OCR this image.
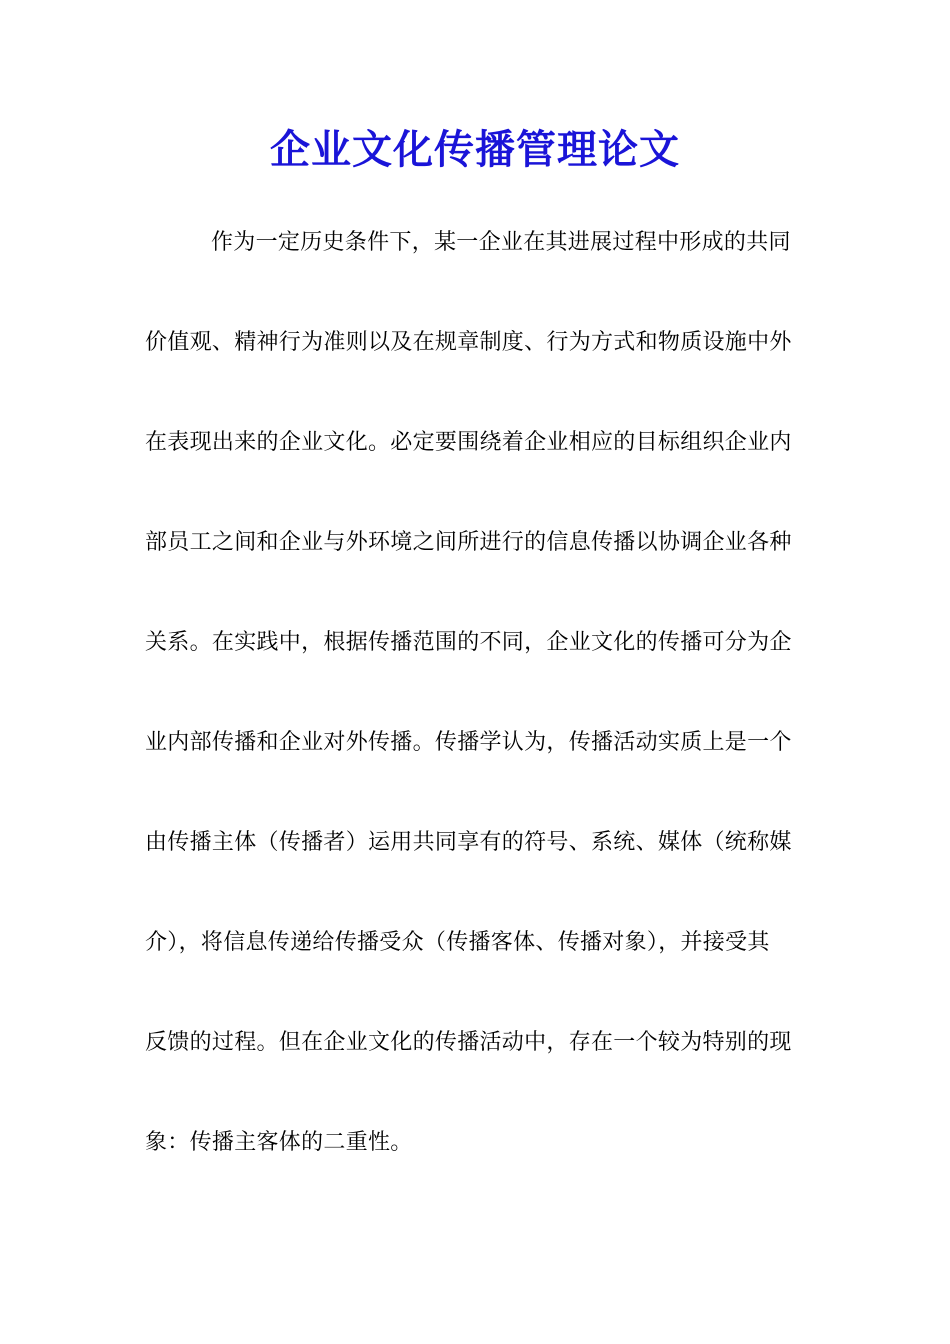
企业文化传播管理论文
作为一定历史条件下，某一企业在其进展过程中形成的共同
价值观、精神行为准则以及在规章制度、行为方式和物质设施中外
在表现出来的企业文化。必定要围绕着企业相应的目标组织企业内
部员工之间和企业与外环境之间所进行的信息传播以协调企业各种
关系。在实践中，根据传播范围的不同，企业文化的传播可分为企
业内部传播和企业对外传播。传播学认为，传播活动实质上是一个
由传播主体（传播者）运用共同享有的符号、系统、媒体（统称媒
介），将信息传递给传播受众（传播客体、传播对象），并接受其
反馈的过程。但在企业文化的传播活动中，存在一个较为特别的现
象：传播主客体的二重性。
